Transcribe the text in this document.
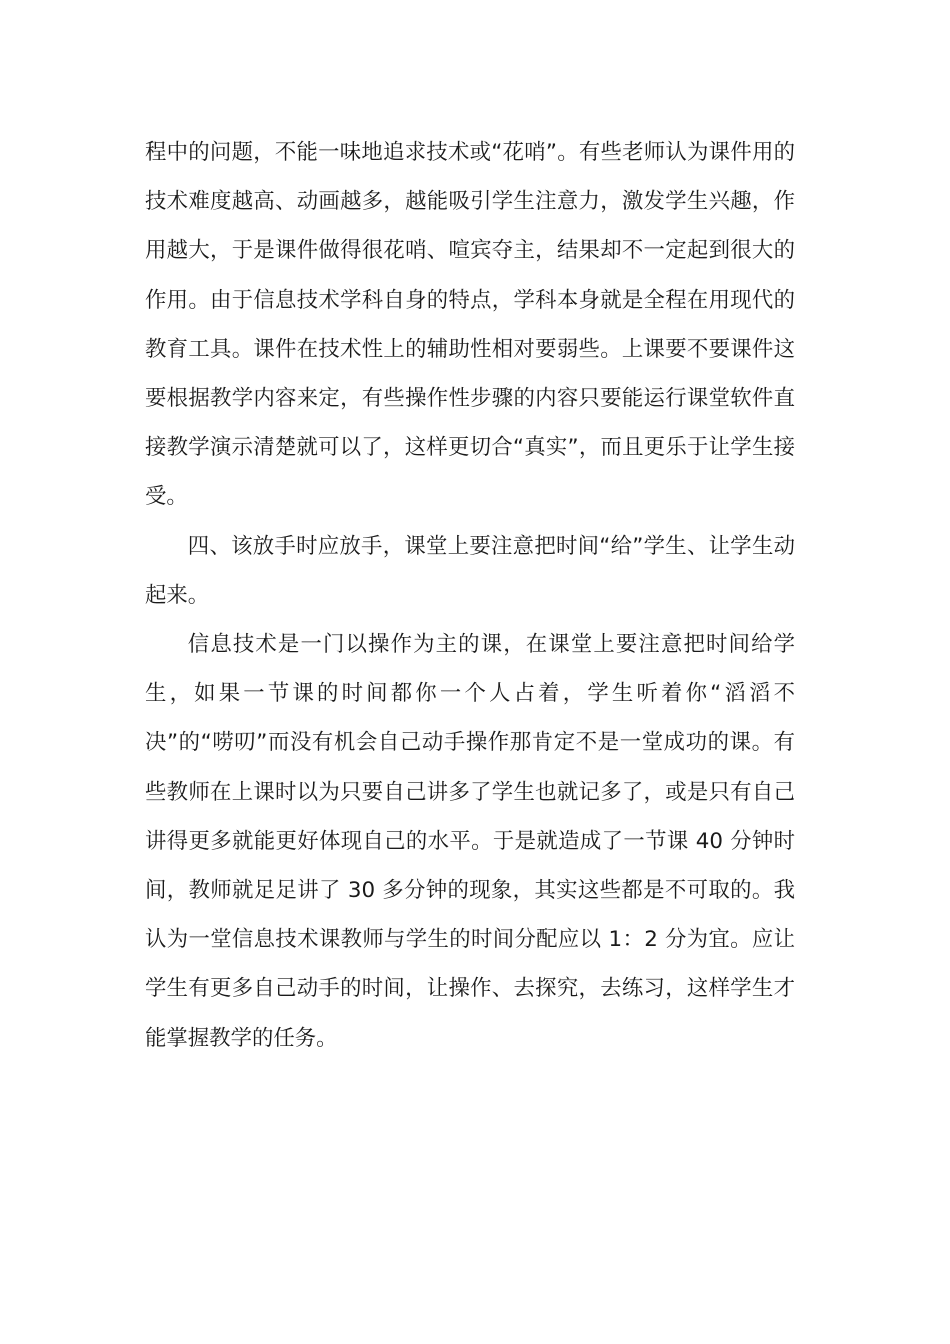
程中的问题，不能一味地追求技术或“花哨”。有些老师认为课件用的技术难度越高、动画越多，越能吸引学生注意力，激发学生兴趣，作用越大，于是课件做得很花哨、喧宾夺主，结果却不一定起到很大的作用。由于信息技术学科自身的特点，学科本身就是全程在用现代的教育工具。课件在技术性上的辅助性相对要弱些。上课要不要课件这要根据教学内容来定，有些操作性步骤的内容只要能运行课堂软件直接教学演示清楚就可以了，这样更切合“真实”，而且更乐于让学生接受。

四、该放手时应放手，课堂上要注意把时间“给”学生、让学生动起来。

信息技术是一门以操作为主的课，在课堂上要注意把时间给学生，如果一节课的时间都你一个人占着，学生听着你“滔滔不决”的“唠叨”而没有机会自己动手操作那肯定不是一堂成功的课。有些教师在上课时以为只要自己讲多了学生也就记多了，或是只有自己讲得更多就能更好体现自己的水平。于是就造成了一节课 40 分钟时间，教师就足足讲了 30 多分钟的现象，其实这些都是不可取的。我认为一堂信息技术课教师与学生的时间分配应以 1：2 分为宜。应让学生有更多自己动手的时间，让操作、去探究，去练习，这样学生才能掌握教学的任务。
